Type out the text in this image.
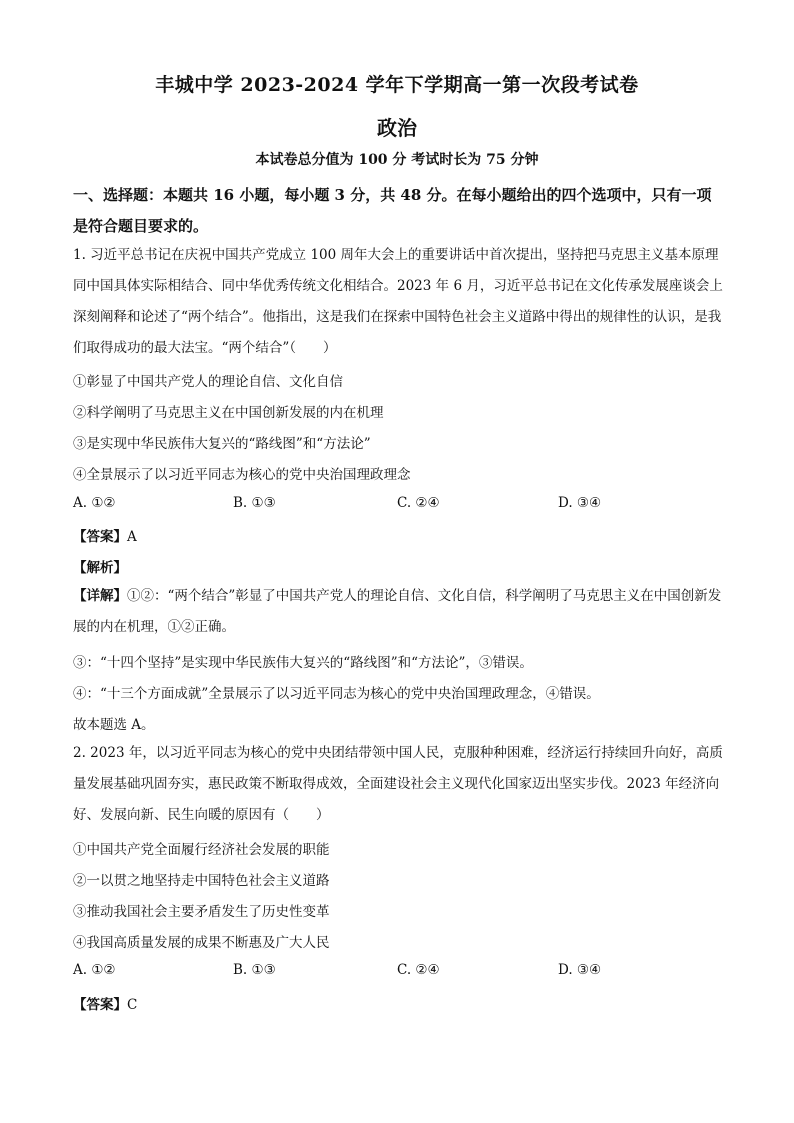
丰城中学 2023-2024 学年下学期高一第一次段考试卷
政治
本试卷总分值为 100 分 考试时长为 75 分钟
一、选择题：本题共 16 小题，每小题 3 分，共 48 分。在每小题给出的四个选项中，只有一项是符合题目要求的。
1. 习近平总书记在庆祝中国共产党成立 100 周年大会上的重要讲话中首次提出，坚持把马克思主义基本原理同中国具体实际相结合、同中华优秀传统文化相结合。2023 年 6 月，习近平总书记在文化传承发展座谈会上深刻阐释和论述了“两个结合”。他指出，这是我们在探索中国特色社会主义道路中得出的规律性的认识，是我们取得成功的最大法宝。“两个结合”（　　）
①彰显了中国共产党人的理论自信、文化自信
②科学阐明了马克思主义在中国创新发展的内在机理
③是实现中华民族伟大复兴的“路线图”和“方法论”
④全景展示了以习近平同志为核心的党中央治国理政理念
A. ①②	B. ①③	C. ②④	D. ③④
【答案】A
【解析】
【详解】①②：“两个结合”彰显了中国共产党人的理论自信、文化自信，科学阐明了马克思主义在中国创新发展的内在机理，①②正确。
③：“十四个坚持”是实现中华民族伟大复兴的“路线图”和“方法论”，③错误。
④：“十三个方面成就”全景展示了以习近平同志为核心的党中央治国理政理念，④错误。
故本题选 A。
2. 2023 年，以习近平同志为核心的党中央团结带领中国人民，克服种种困难，经济运行持续回升向好，高质量发展基础巩固夯实，惠民政策不断取得成效，全面建设社会主义现代化国家迈出坚实步伐。2023 年经济向好、发展向新、民生向暖的原因有（　　）
①中国共产党全面履行经济社会发展的职能
②一以贯之地坚持走中国特色社会主义道路
③推动我国社会主要矛盾发生了历史性变革
④我国高质量发展的成果不断惠及广大人民
A. ①②	B. ①③	C. ②④	D. ③④
【答案】C
